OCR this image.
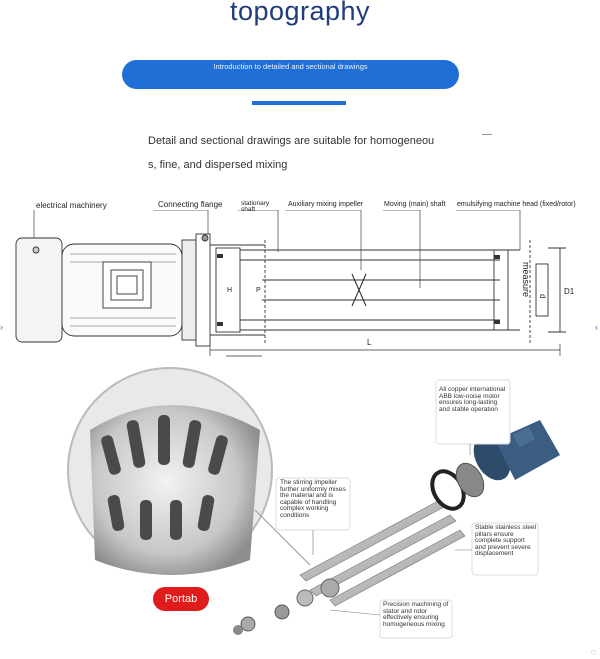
topography
Introduction to detailed and sectional drawings
Detail and sectional drawings are suitable for homogeneou
s, fine, and dispersed mixing
electrical machinery	Connecting flange	stationary
shaft
Auxiliary mixing impeller	Moving (main) shaft emulsifying machine head (fixed/rotor)
H	P
d
measure	D1
L
›	‹
All copper international ABB low-noise motor ensures long-lasting and stable operation
The stirring impeller further uniformly mixes the material and is capable of handling complex working conditions
Stable stainless steel pillars ensure complete support and prevent severe displacement
Precision machining of stator and rotor effectively ensuring homogeneous mixing
Portab
◌
